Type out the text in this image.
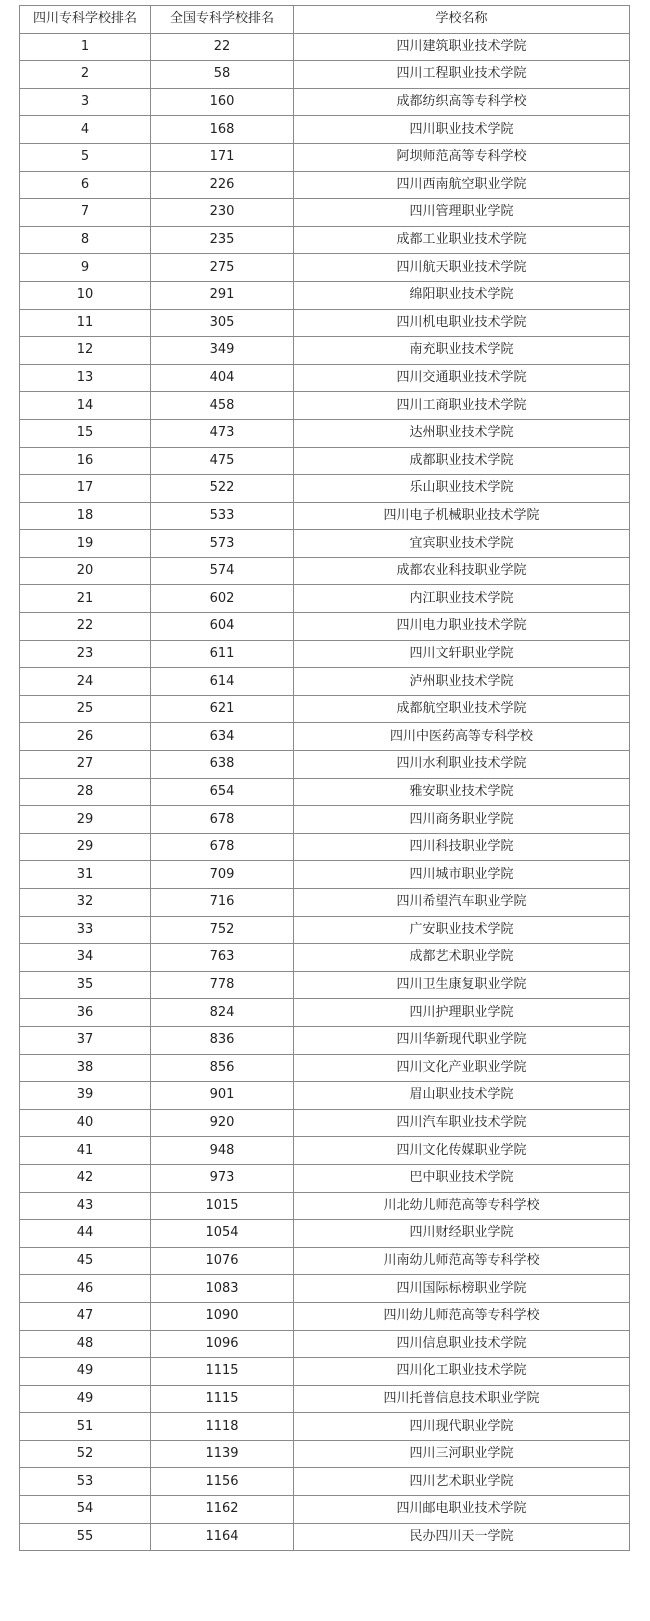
四川专科学校排名	全国专科学校排名	学校名称
1	22	四川建筑职业技术学院
2	58	四川工程职业技术学院
3	160	成都纺织高等专科学校
4	168	四川职业技术学院
5	171	阿坝师范高等专科学校
6	226	四川西南航空职业学院
7	230	四川管理职业学院
8	235	成都工业职业技术学院
9	275	四川航天职业技术学院
10	291	绵阳职业技术学院
11	305	四川机电职业技术学院
12	349	南充职业技术学院
13	404	四川交通职业技术学院
14	458	四川工商职业技术学院
15	473	达州职业技术学院
16	475	成都职业技术学院
17	522	乐山职业技术学院
18	533	四川电子机械职业技术学院
19	573	宜宾职业技术学院
20	574	成都农业科技职业学院
21	602	内江职业技术学院
22	604	四川电力职业技术学院
23	611	四川文轩职业学院
24	614	泸州职业技术学院
25	621	成都航空职业技术学院
26	634	四川中医药高等专科学校
27	638	四川水利职业技术学院
28	654	雅安职业技术学院
29	678	四川商务职业学院
29	678	四川科技职业学院
31	709	四川城市职业学院
32	716	四川希望汽车职业学院
33	752	广安职业技术学院
34	763	成都艺术职业学院
35	778	四川卫生康复职业学院
36	824	四川护理职业学院
37	836	四川华新现代职业学院
38	856	四川文化产业职业学院
39	901	眉山职业技术学院
40	920	四川汽车职业技术学院
41	948	四川文化传媒职业学院
42	973	巴中职业技术学院
43	1015	川北幼儿师范高等专科学校
44	1054	四川财经职业学院
45	1076	川南幼儿师范高等专科学校
46	1083	四川国际标榜职业学院
47	1090	四川幼儿师范高等专科学校
48	1096	四川信息职业技术学院
49	1115	四川化工职业技术学院
49	1115	四川托普信息技术职业学院
51	1118	四川现代职业学院
52	1139	四川三河职业学院
53	1156	四川艺术职业学院
54	1162	四川邮电职业技术学院
55	1164	民办四川天一学院
